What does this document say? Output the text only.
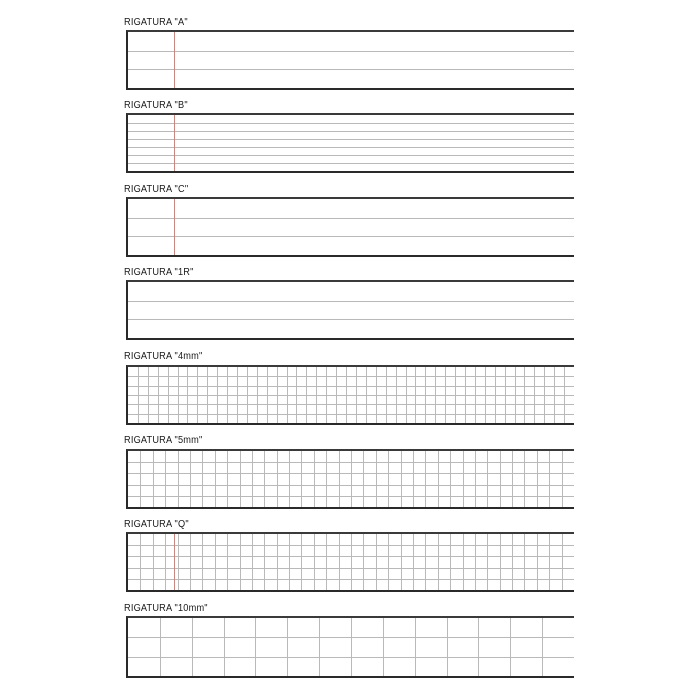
RIGATURA "A"
RIGATURA "B"
RIGATURA "C"
RIGATURA "1R"
RIGATURA "4mm"
RIGATURA "5mm"
RIGATURA "Q"
RIGATURA "10mm"
